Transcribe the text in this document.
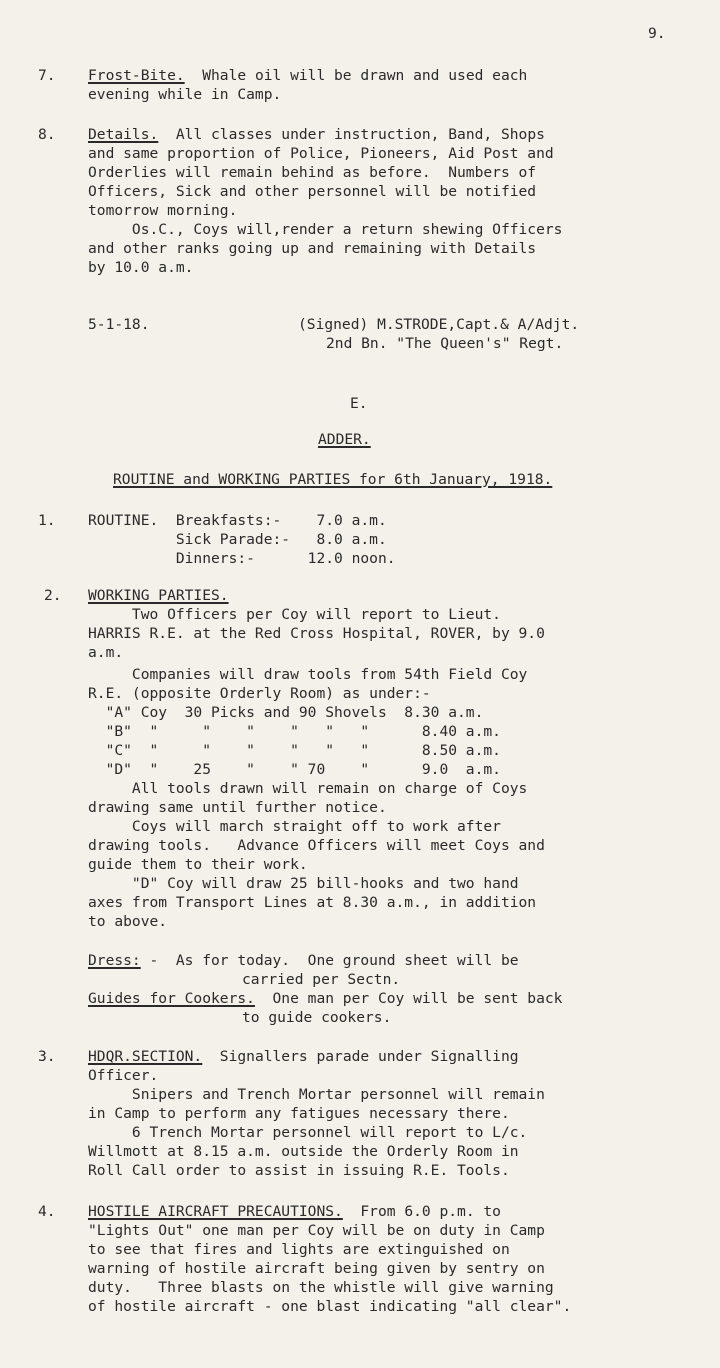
9.
7. Frost-Bite.  Whale oil will be drawn and used each
evening while in Camp.
8. Details.  All classes under instruction, Band, Shops
and same proportion of Police, Pioneers, Aid Post and
Orderlies will remain behind as before.  Numbers of
Officers, Sick and other personnel will be notified
tomorrow morning.
Os.C., Coys will,render a return shewing Officers
and other ranks going up and remaining with Details
by 10.0 a.m.
5-1-18.	(Signed) M.STRODE,Capt.& A/Adjt.
2nd Bn. "The Queen's" Regt.
E.
ADDER.
ROUTINE and WORKING PARTIES for 6th January, 1918.
1. ROUTINE.  Breakfasts:-    7.0 a.m.
Sick Parade:-   8.0 a.m.
Dinners:-      12.0 noon.
2. WORKING PARTIES.
Two Officers per Coy will report to Lieut.
HARRIS R.E. at the Red Cross Hospital, ROVER, by 9.0
a.m.
Companies will draw tools from 54th Field Coy
R.E. (opposite Orderly Room) as under:-
"A" Coy  30 Picks and 90 Shovels  8.30 a.m.
"B"  "     "    "    "   "   "      8.40 a.m.
"C"  "     "    "    "   "   "      8.50 a.m.
"D"  "    25    "    " 70    "      9.0  a.m.
All tools drawn will remain on charge of Coys
drawing same until further notice.
Coys will march straight off to work after
drawing tools.   Advance Officers will meet Coys and
guide them to their work.
"D" Coy will draw 25 bill-hooks and two hand
axes from Transport Lines at 8.30 a.m., in addition
to above.
Dress: -  As for today.  One ground sheet will be
carried per Sectn.
Guides for Cookers.  One man per Coy will be sent back
to guide cookers.
3. HDQR.SECTION.  Signallers parade under Signalling
Officer.
Snipers and Trench Mortar personnel will remain
in Camp to perform any fatigues necessary there.
6 Trench Mortar personnel will report to L/c.
Willmott at 8.15 a.m. outside the Orderly Room in
Roll Call order to assist in issuing R.E. Tools.
4. HOSTILE AIRCRAFT PRECAUTIONS.  From 6.0 p.m. to
"Lights Out" one man per Coy will be on duty in Camp
to see that fires and lights are extinguished on
warning of hostile aircraft being given by sentry on
duty.   Three blasts on the whistle will give warning
of hostile aircraft - one blast indicating "all clear".
